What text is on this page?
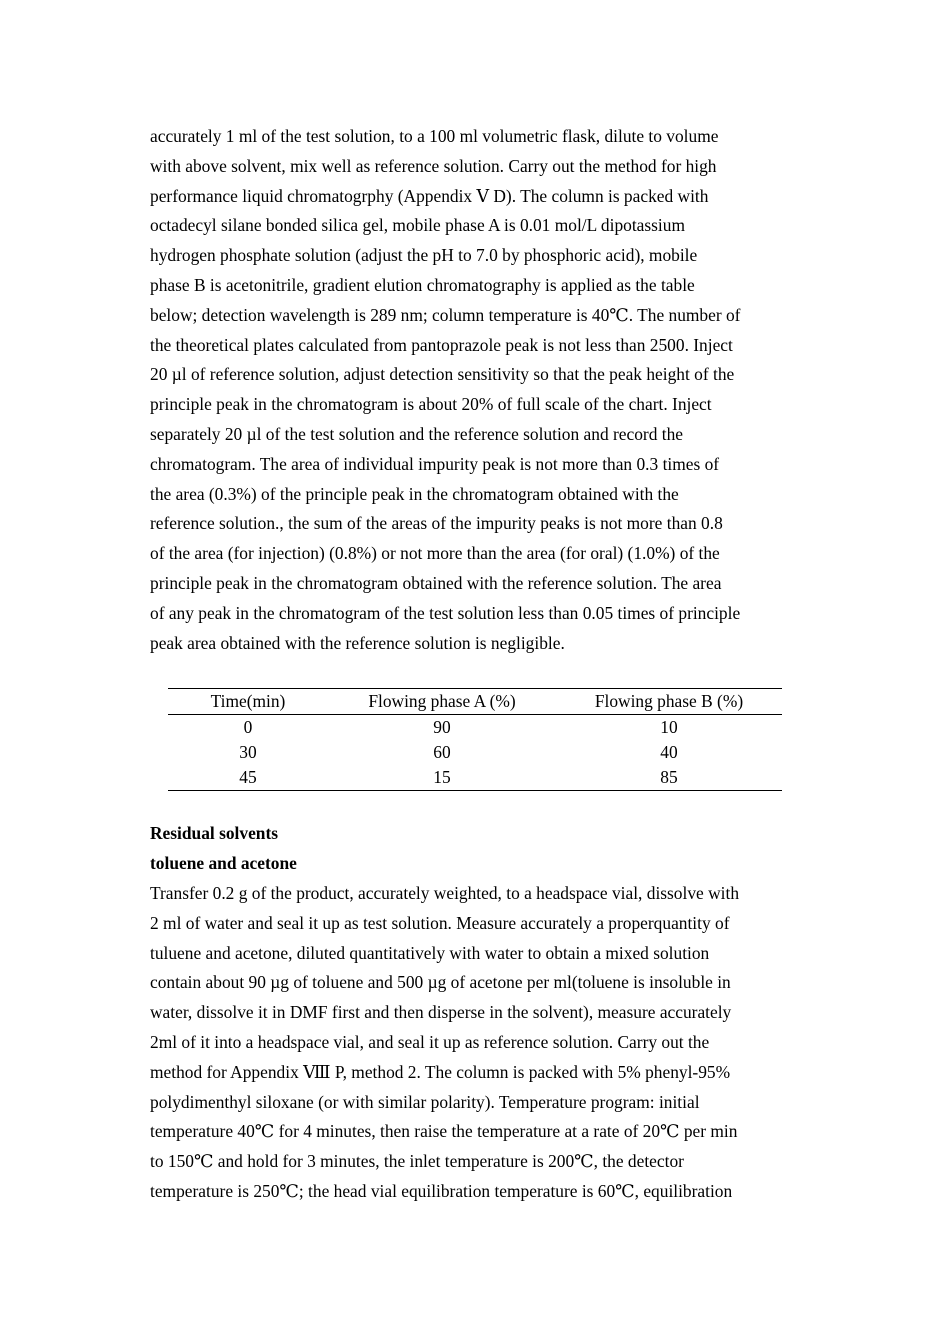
accurately 1 ml of the test solution, to a 100 ml volumetric flask, dilute to volume
with above solvent, mix well as reference solution. Carry out the method for high
performance liquid chromatogrphy (Appendix Ⅴ D). The column is packed with
octadecyl silane bonded silica gel, mobile phase A is 0.01 mol/L dipotassium
hydrogen phosphate solution (adjust the pH to 7.0 by phosphoric acid), mobile
phase B is acetonitrile, gradient elution chromatography is applied as the table
below; detection wavelength is 289 nm; column temperature is 40℃. The number of
the theoretical plates calculated from pantoprazole peak is not less than 2500. Inject
20 µl of reference solution, adjust detection sensitivity so that the peak height of the
principle peak in the chromatogram is about 20% of full scale of the chart. Inject
separately 20 µl of the test solution and the reference solution and record the
chromatogram. The area of individual impurity peak is not more than 0.3 times of
the area (0.3%) of the principle peak in the chromatogram obtained with the
reference solution., the sum of the areas of the impurity peaks is not more than 0.8
of the area (for injection) (0.8%) or not more than the area (for oral) (1.0%) of the
principle peak in the chromatogram obtained with the reference solution. The area
of any peak in the chromatogram of the test solution less than 0.05 times of principle
peak area obtained with the reference solution is negligible.

Time(min)	Flowing phase A (%)	Flowing phase B (%)
0	90	10
30	60	40
45	15	85

Residual solvents

toluene and acetone

Transfer 0.2 g of the product, accurately weighted, to a headspace vial, dissolve with
2 ml of water and seal it up as test solution. Measure accurately a properquantity of
tuluene and acetone, diluted quantitatively with water to obtain a mixed solution
contain about 90 µg of toluene and 500 µg of acetone per ml(toluene is insoluble in
water, dissolve it in DMF first and then disperse in the solvent), measure accurately
2ml of it into a headspace vial, and seal it up as reference solution. Carry out the
method for Appendix Ⅷ P, method 2. The column is packed with 5% phenyl-95%
polydimenthyl siloxane (or with similar polarity). Temperature program: initial
temperature 40℃ for 4 minutes, then raise the temperature at a rate of 20℃ per min
to 150℃ and hold for 3 minutes, the inlet temperature is 200℃, the detector
temperature is 250℃; the head vial equilibration temperature is 60℃, equilibration
